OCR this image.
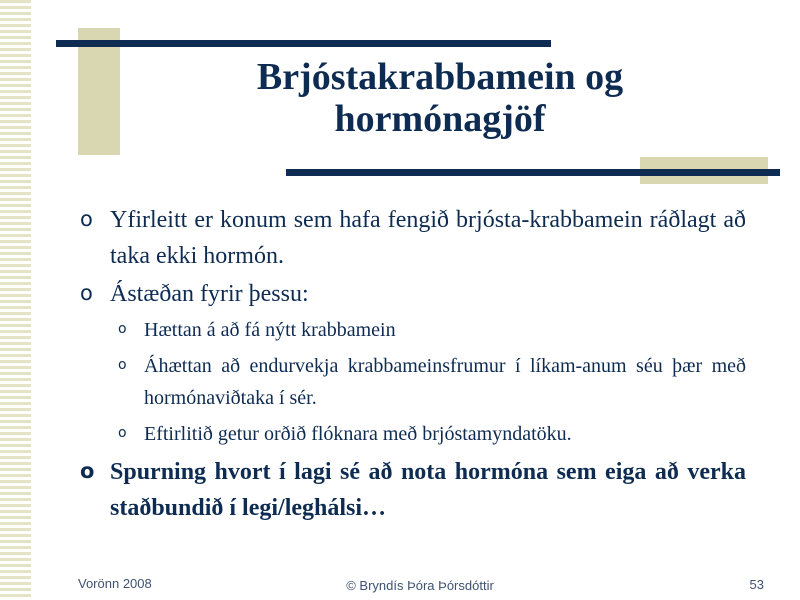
Brjóstakrabbamein og
hormónagjöf
o Yfirleitt er konum sem hafa fengið brjósta-krabbamein ráðlagt að taka ekki hormón.
o Ástæðan fyrir þessu:
o Hættan á að fá nýtt krabbamein
o Áhættan að endurvekja krabbameinsfrumur í líkam-anum séu þær með hormónaviðtaka í sér.
o Eftirlitið getur orðið flóknara með brjóstamyndatöku.
o Spurning hvort í lagi sé að nota hormóna sem eiga að verka staðbundið í legi/leghálsi…
Vorönn 2008	© Bryndís Þóra Þórsdóttir	53
